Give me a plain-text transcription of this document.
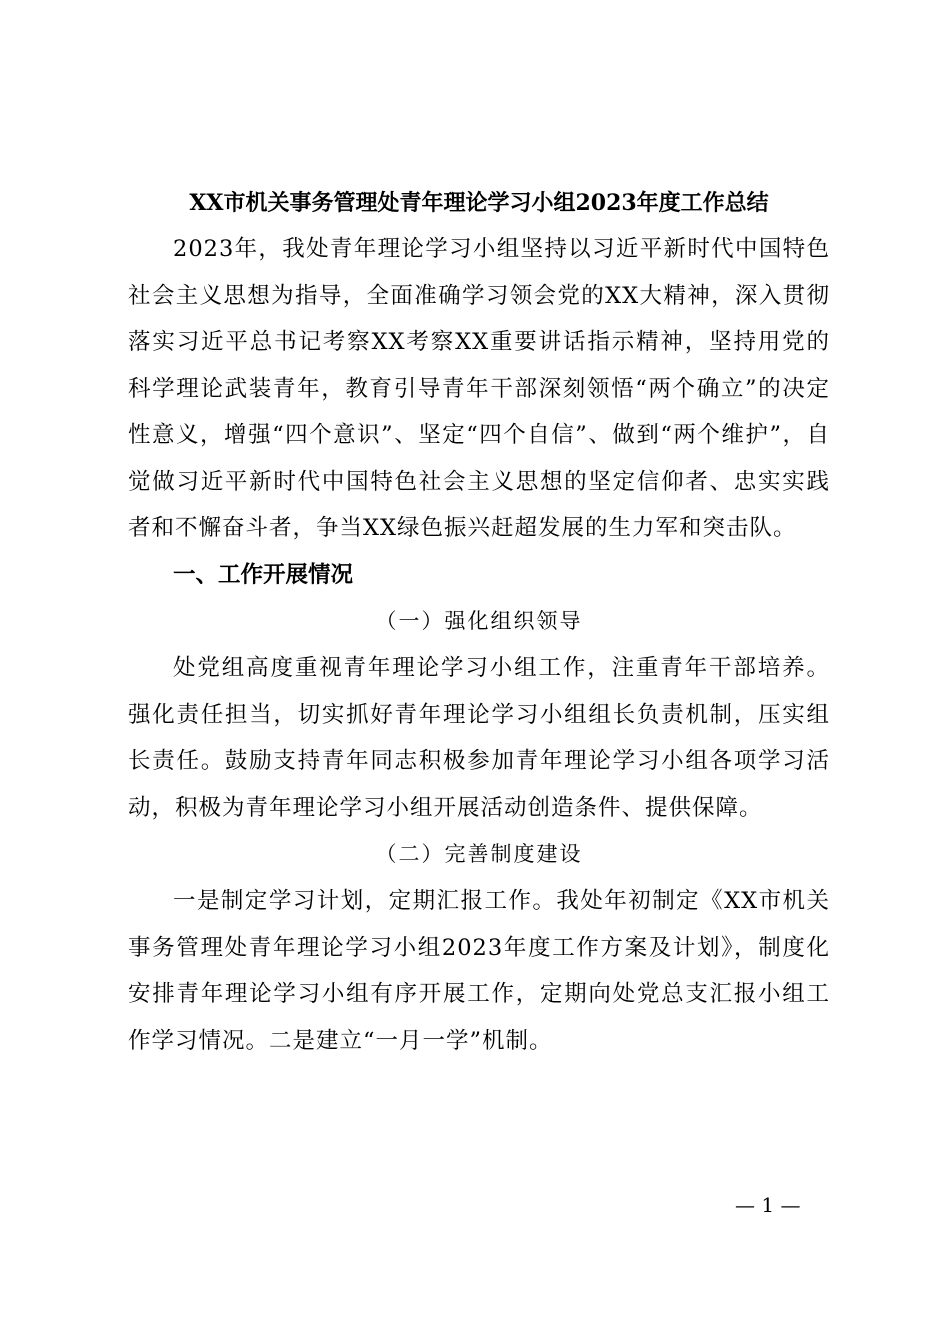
XX市机关事务管理处青年理论学习小组2023年度工作总结

2023年，我处青年理论学习小组坚持以习近平新时代中国特色社会主义思想为指导，全面准确学习领会党的XX大精神，深入贯彻落实习近平总书记考察XX考察XX重要讲话指示精神，坚持用党的科学理论武装青年，教育引导青年干部深刻领悟“两个确立”的决定性意义，增强“四个意识”、坚定“四个自信”、做到“两个维护”，自觉做习近平新时代中国特色社会主义思想的坚定信仰者、忠实实践者和不懈奋斗者，争当XX绿色振兴赶超发展的生力军和突击队。

一、工作开展情况

（一）强化组织领导

处党组高度重视青年理论学习小组工作，注重青年干部培养。强化责任担当，切实抓好青年理论学习小组组长负责机制，压实组长责任。鼓励支持青年同志积极参加青年理论学习小组各项学习活动，积极为青年理论学习小组开展活动创造条件、提供保障。

（二）完善制度建设

一是制定学习计划，定期汇报工作。我处年初制定《XX市机关事务管理处青年理论学习小组2023年度工作方案及计划》，制度化安排青年理论学习小组有序开展工作，定期向处党总支汇报小组工作学习情况。二是建立“一月一学”机制。

— 1 —
